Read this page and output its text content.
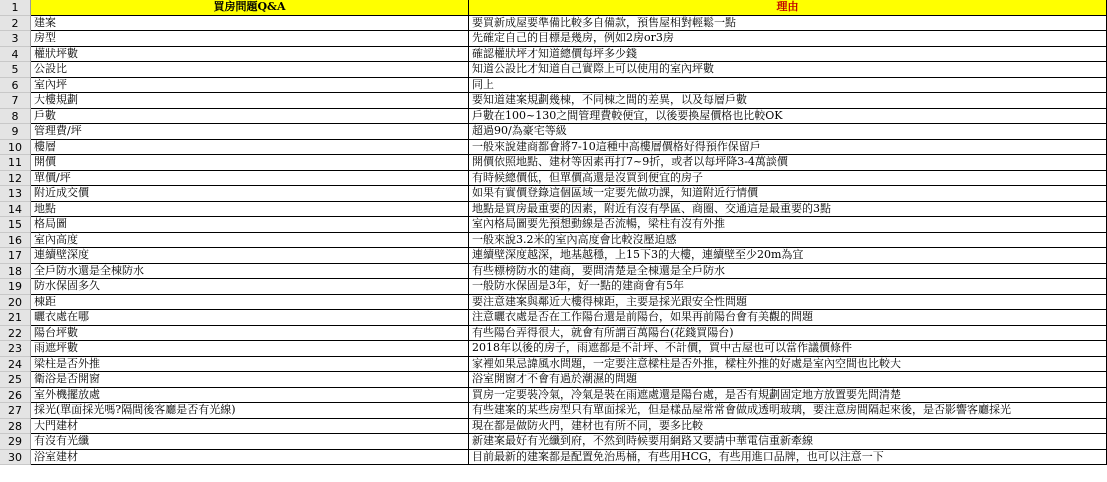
1	買房問題Q&A	理由
2	建案	要買新成屋要準備比較多自備款，預售屋相對輕鬆一點
3	房型	先確定自己的目標是幾房，例如2房or3房
4	權狀坪數	確認權狀坪才知道總價每坪多少錢
5	公設比	知道公設比才知道自己實際上可以使用的室內坪數
6	室內坪	同上
7	大樓規劃	要知道建案規劃幾棟，不同棟之間的差異，以及每層戶數
8	戶數	戶數在100~130之間管理費較便宜，以後要換屋價格也比較OK
9	管理費/坪	超過90/為豪宅等級
10	樓層	一般來說建商都會將7-10這種中高樓層價格好得預作保留戶
11	開價	開價依照地點、建材等因素再打7~9折，或者以每坪降3-4萬談價
12	單價/坪	有時候總價低，但單價高還是沒買到便宜的房子
13	附近成交價	如果有實價登錄這個區域一定要先做功課，知道附近行情價
14	地點	地點是買房最重要的因素，附近有沒有學區、商圈、交通這是最重要的3點
15	格局圖	室內格局圖要先預想動線是否流暢，梁柱有沒有外推
16	室內高度	一般來說3.2米的室內高度會比較沒壓迫感
17	連續壁深度	連續壁深度越深，地基越穩，上15下3的大樓，連續壁至少20m為宜
18	全戶防水還是全棟防水	有些標榜防水的建商，要問清楚是全棟還是全戶防水
19	防水保固多久	一般防水保固是3年，好一點的建商會有5年
20	棟距	要注意建案與鄰近大樓得棟距，主要是採光跟安全性問題
21	曬衣處在哪	注意曬衣處是否在工作陽台還是前陽台，如果再前陽台會有美觀的問題
22	陽台坪數	有些陽台弄得很大，就會有所謂百萬陽台(花錢買陽台)
23	雨遮坪數	2018年以後的房子，雨遮都是不計坪、不計價，買中古屋也可以當作議價條件
24	梁柱是否外推	家裡如果忌諱風水問題，一定要注意樑柱是否外推，樑柱外推的好處是室內空間也比較大
25	衛浴是否開窗	浴室開窗才不會有過於潮濕的問題
26	室外機擺放處	買房一定要裝冷氣，冷氣是裝在雨遮處還是陽台處，是否有規劃固定地方放置要先問清楚
27	採光(單面採光嗎?隔間後客廳是否有光線)	有些建案的某些房型只有單面採光，但是樣品屋常常會做成透明玻璃，要注意房間隔起來後，是否影響客廳採光
28	大門建材	現在都是做防火門，建材也有所不同，要多比較
29	有沒有光纖	新建案最好有光纖到府，不然到時候要用網路又要請中華電信重新牽線
30	浴室建材	目前最新的建案都是配置免治馬桶，有些用HCG，有些用進口品牌，也可以注意一下
